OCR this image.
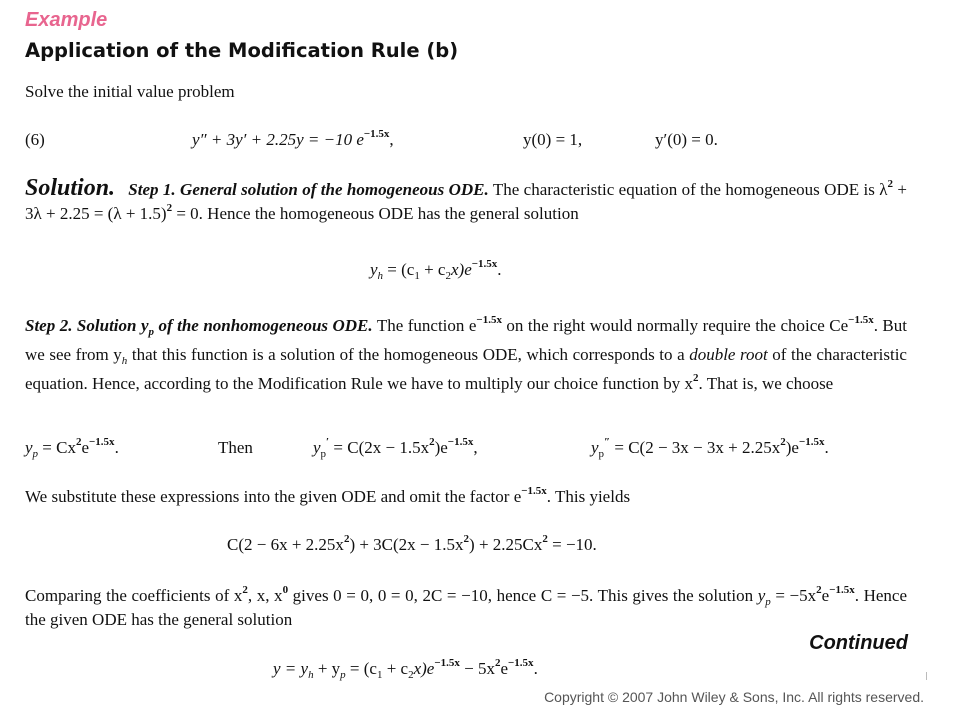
Example
Application of the Modification Rule (b)
Solve the initial value problem
(6)	y″ + 3y′ + 2.25y = −10 $e^{-1.5x}$,	y(0) = 1,	y′(0) = 0.
Solution. Step 1. General solution of the homogeneous ODE. The characteristic equation of the homogeneous ODE is $\lambda^2 + 3\lambda + 2.25 = (\lambda + 1.5)^2 = 0$. Hence the homogeneous ODE has the general solution
$y_h = (c_1 + c_2x)e^{-1.5x}$.
Step 2. Solution $y_p$ of the nonhomogeneous ODE. The function $e^{-1.5x}$ on the right would normally require the choice $Ce^{-1.5x}$. But we see from $y_h$ that this function is a solution of the homogeneous ODE, which corresponds to a double root of the characteristic equation. Hence, according to the Modification Rule we have to multiply our choice function by $x^2$. That is, we choose
$y_p = Cx^2e^{-1.5x}$.	Then	$y_p' = C(2x - 1.5x^2)e^{-1.5x}$,	$y_p'' = C(2 - 3x - 3x + 2.25x^2)e^{-1.5x}$.
We substitute these expressions into the given ODE and omit the factor $e^{-1.5x}$. This yields
$C(2 - 6x + 2.25x^2) + 3C(2x - 1.5x^2) + 2.25Cx^2 = -10$.
Comparing the coefficients of $x^2$, x, $x^0$ gives 0 = 0, 0 = 0, 2C = −10, hence C = −5. This gives the solution $y_p = -5x^2e^{-1.5x}$. Hence the given ODE has the general solution
$y = y_h + y_p = (c_1 + c_2x)e^{-1.5x} - 5x^2e^{-1.5x}$.
Continued
Copyright © 2007 John Wiley & Sons, Inc. All rights reserved.
